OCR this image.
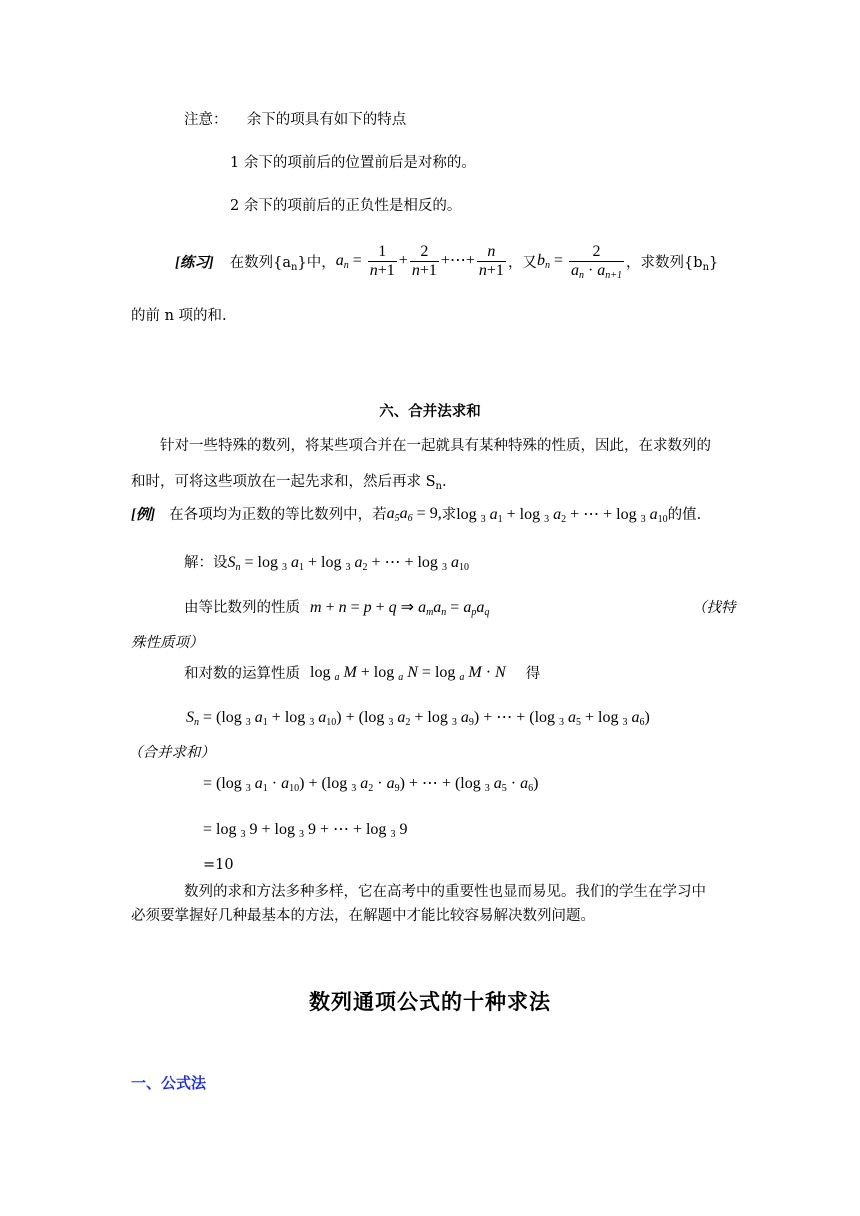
注意： 余下的项具有如下的特点
1 余下的项前后的位置前后是对称的。
2 余下的项前后的正负性是相反的。
[练习] 在数列$\{a_n\}$中， $a_n = \frac{1}{n+1} + \frac{2}{n+1}$ +⋯+ $\frac{n}{n+1}$ ，又 $b_n = \frac{2}{a_n \cdot a_{n+1}}$ ，求数列$\{b_n\}$
的前 n 项的和.
六、合并法求和
针对一些特殊的数列，将某些项合并在一起就具有某种特殊的性质，因此，在求数列的
和时，可将这些项放在一起先求和，然后再求 $S_n$.
[例] 在各项均为正数的等比数列中，若 $a_5a_6 = 9$, 求 log $_3$ $a_1 + \log _3$ $a_2$ + ⋯ + log $_3$ $a_{10}$ 的值.
解：设 $S_n = \log _3$ $a_1 + \log _3$ $a_2$ + ⋯ + log $_3$ $a_{10}$
由等比数列的性质 m + n = p + q ⇒ $a_ma_n = a_pa_q$	（找特
殊性质项）
和对数的运算性质 log $_a$ M + log $_a$ N = log $_a$ M · N 得
$S_n = (\log$ $_3$ $a_1 + \log _3$ $a_{10}) + (\log$ $_3$ $a_2 + \log _3$ $a_9$) + ⋯ + (log $_3$ $a_5 + \log _3$ $a_6$)
（合并求和）
= (log $_3$ $a_1 \cdot a_{10}) + (\log$ $_3$ $a_2 \cdot a_9$) + ⋯ + (log $_3$ $a_5 \cdot a_6$)
= log $_3$ 9 + log $_3$ 9 + ⋯ + log $_3$ 9
=10
数列的求和方法多种多样，它在高考中的重要性也显而易见。我们的学生在学习中
必须要掌握好几种最基本的方法，在解题中才能比较容易解决数列问题。
数列通项公式的十种求法
一、公式法
